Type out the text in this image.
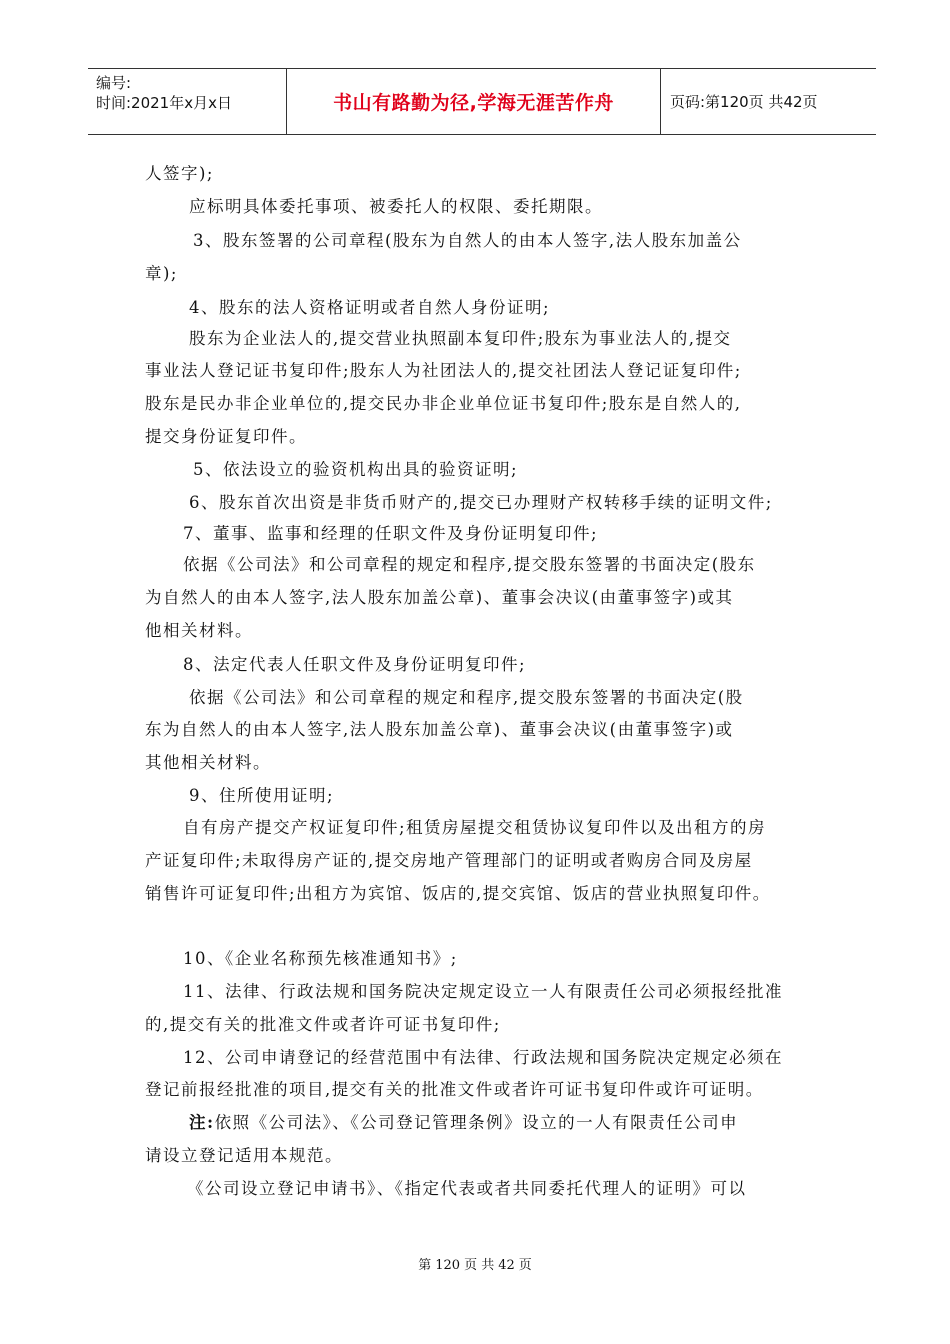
编号:
时间:2021年x月x日	书山有路勤为径,学海无涯苦作舟	页码:第120页 共42页
人签字);
应标明具体委托事项、被委托人的权限、委托期限。
3、股东签署的公司章程(股东为自然人的由本人签字,法人股东加盖公
章);
4、股东的法人资格证明或者自然人身份证明;
股东为企业法人的,提交营业执照副本复印件;股东为事业法人的,提交
事业法人登记证书复印件;股东人为社团法人的,提交社团法人登记证复印件;
股东是民办非企业单位的,提交民办非企业单位证书复印件;股东是自然人的,
提交身份证复印件。
5、依法设立的验资机构出具的验资证明;
6、股东首次出资是非货币财产的,提交已办理财产权转移手续的证明文件;
7、董事、监事和经理的任职文件及身份证明复印件;
依据《公司法》和公司章程的规定和程序,提交股东签署的书面决定(股东
为自然人的由本人签字,法人股东加盖公章)、董事会决议(由董事签字)或其
他相关材料。
8、法定代表人任职文件及身份证明复印件;
依据《公司法》和公司章程的规定和程序,提交股东签署的书面决定(股
东为自然人的由本人签字,法人股东加盖公章)、董事会决议(由董事签字)或
其他相关材料。
9、住所使用证明;
自有房产提交产权证复印件;租赁房屋提交租赁协议复印件以及出租方的房
产证复印件;未取得房产证的,提交房地产管理部门的证明或者购房合同及房屋
销售许可证复印件;出租方为宾馆、饭店的,提交宾馆、饭店的营业执照复印件。
10、《企业名称预先核准通知书》;
11、法律、行政法规和国务院决定规定设立一人有限责任公司必须报经批准
的,提交有关的批准文件或者许可证书复印件;
12、公司申请登记的经营范围中有法律、行政法规和国务院决定规定必须在
登记前报经批准的项目,提交有关的批准文件或者许可证书复印件或许可证明。
注:依照《公司法》、《公司登记管理条例》设立的一人有限责任公司申
请设立登记适用本规范。
《公司设立登记申请书》、《指定代表或者共同委托代理人的证明》可以
第 120 页 共 42 页
